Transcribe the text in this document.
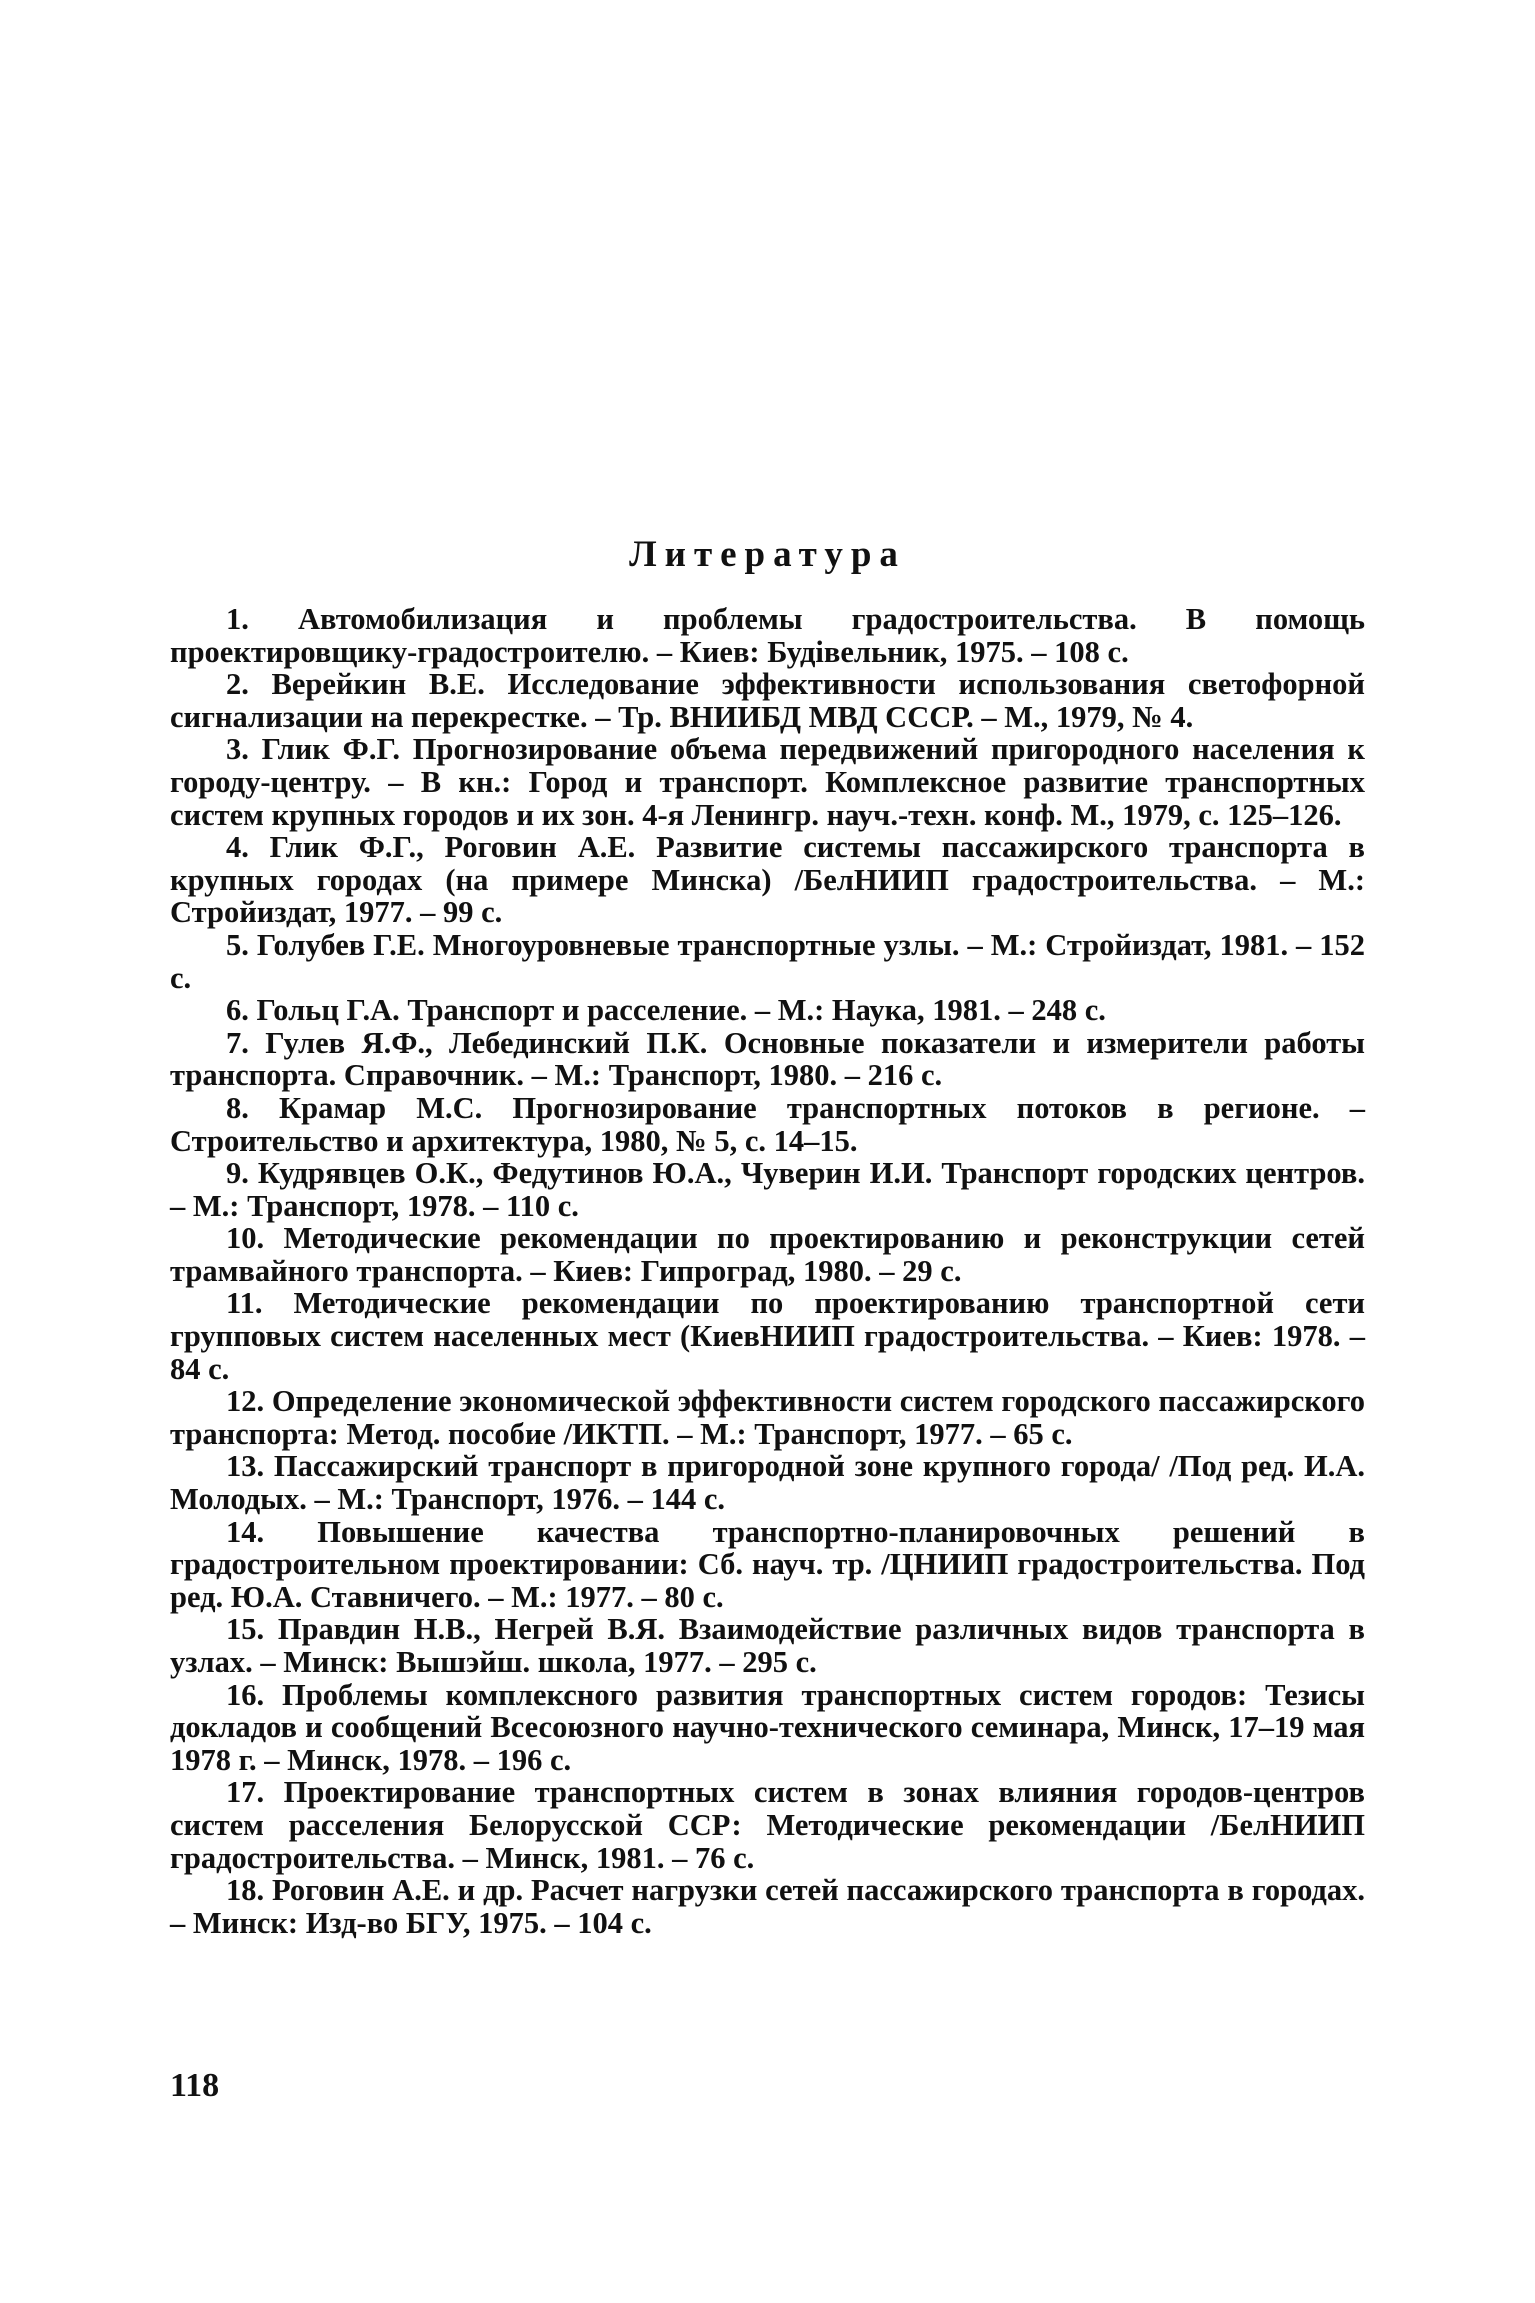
Литература

1. Автомобилизация и проблемы градостроительства. В помощь проектировщику-градостроителю. – Киев: Будівельник, 1975. – 108 с.

2. Верейкин В.Е. Исследование эффективности использования светофорной сигнализации на перекрестке. – Тр. ВНИИБД МВД СССР. – М., 1979, № 4.

3. Глик Ф.Г. Прогнозирование объема передвижений пригородного населения к городу-центру. – В кн.: Город и транспорт. Комплексное развитие транспортных систем крупных городов и их зон. 4-я Ленингр. науч.-техн. конф. М., 1979, с. 125–126.

4. Глик Ф.Г., Роговин А.Е. Развитие системы пассажирского транспорта в крупных городах (на примере Минска) /БелНИИП градостроительства. – М.: Стройиздат, 1977. – 99 с.

5. Голубев Г.Е. Многоуровневые транспортные узлы. – М.: Стройиздат, 1981. – 152 с.

6. Гольц Г.А. Транспорт и расселение. – М.: Наука, 1981. – 248 с.

7. Гулев Я.Ф., Лебединский П.К. Основные показатели и измерители работы транспорта. Справочник. – М.: Транспорт, 1980. – 216 с.

8. Крамар М.С. Прогнозирование транспортных потоков в регионе. – Строительство и архитектура, 1980, № 5, с. 14–15.

9. Кудрявцев О.К., Федутинов Ю.А., Чуверин И.И. Транспорт городских центров. – М.: Транспорт, 1978. – 110 с.

10. Методические рекомендации по проектированию и реконструкции сетей трамвайного транспорта. – Киев: Гипроград, 1980. – 29 с.

11. Методические рекомендации по проектированию транспортной сети групповых систем населенных мест (КиевНИИП градостроительства. – Киев: 1978. – 84 с.

12. Определение экономической эффективности систем городского пассажирского транспорта: Метод. пособие /ИКТП. – М.: Транспорт, 1977. – 65 с.

13. Пассажирский транспорт в пригородной зоне крупного города/ /Под ред. И.А. Молодых. – М.: Транспорт, 1976. – 144 с.

14. Повышение качества транспортно-планировочных решений в градостроительном проектировании: Сб. науч. тр. /ЦНИИП градостроительства. Под ред. Ю.А. Ставничего. – М.: 1977. – 80 с.

15. Правдин Н.В., Негрей В.Я. Взаимодействие различных видов транспорта в узлах. – Минск: Вышэйш. школа, 1977. – 295 с.

16. Проблемы комплексного развития транспортных систем городов: Тезисы докладов и сообщений Всесоюзного научно-технического семинара, Минск, 17–19 мая 1978 г. – Минск, 1978. – 196 с.

17. Проектирование транспортных систем в зонах влияния городов-центров систем расселения Белорусской ССР: Методические рекомендации /БелНИИП градостроительства. – Минск, 1981. – 76 с.

18. Роговин А.Е. и др. Расчет нагрузки сетей пассажирского транспорта в городах. – Минск: Изд-во БГУ, 1975. – 104 с.

118
